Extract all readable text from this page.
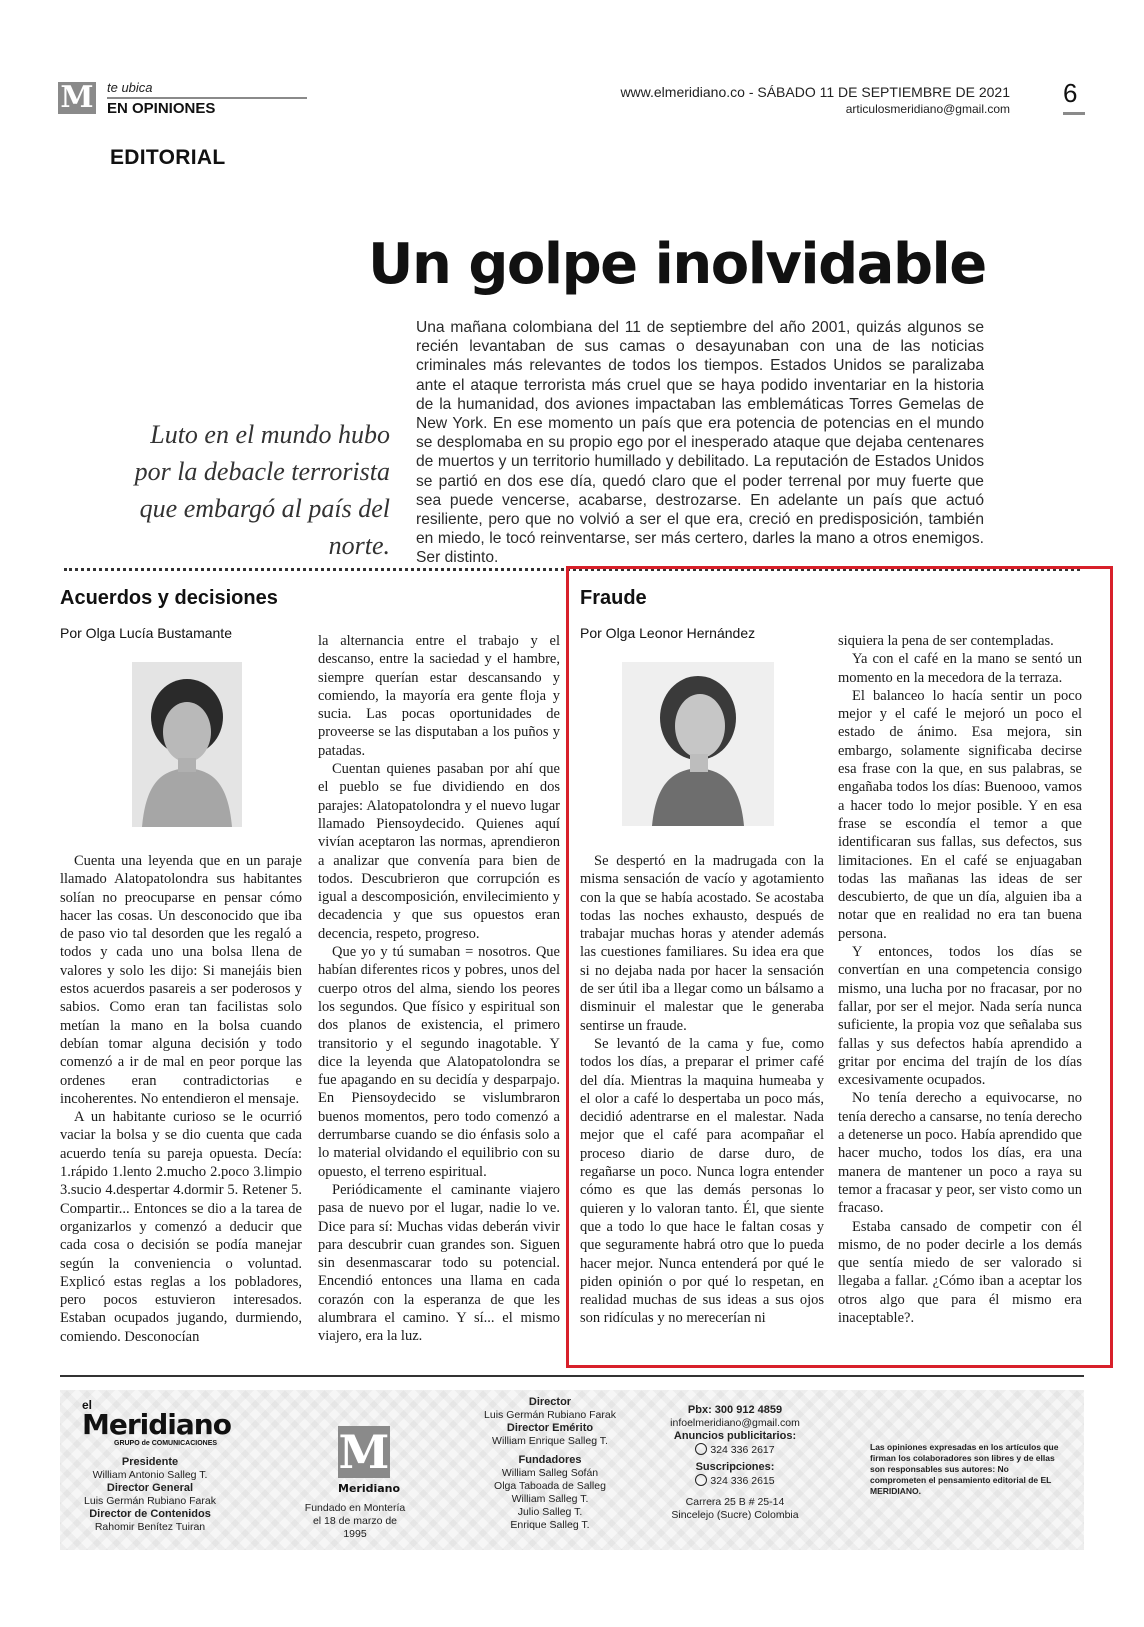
M te ubica
EN OPINIONES
www.elmeridiano.co - SÁBADO 11 DE SEPTIEMBRE DE 2021
articulosmeridiano@gmail.com
6
EDITORIAL
Un golpe inolvidable
Luto en el mundo hubo por la debacle terrorista que embargó al país del norte.
Una mañana colombiana del 11 de septiembre del año 2001, quizás algunos se recién levantaban de sus camas o desayunaban con una de las noticias criminales más relevantes de todos los tiempos. Estados Unidos se paralizaba ante el ataque terrorista más cruel que se haya podido inventariar en la historia de la humanidad, dos aviones impactaban las emblemáticas Torres Gemelas de New York. En ese momento un país que era potencia de potencias en el mundo se desplomaba en su propio ego por el inesperado ataque que dejaba centenares de muertos y un territorio humillado y debilitado. La reputación de Estados Unidos se partió en dos ese día, quedó claro que el poder terrenal por muy fuerte que sea puede vencerse, acabarse, destrozarse. En adelante un país que actuó resiliente, pero que no volvió a ser el que era, creció en predisposición, también en miedo, le tocó reinventarse, ser más certero, darles la mano a otros enemigos. Ser distinto.
Acuerdos y decisiones
Por Olga Lucía Bustamante

Cuenta una leyenda que en un paraje llamado Alatopatolondra sus habitantes solían no preocuparse en pensar cómo hacer las cosas. Un desconocido que iba de paso vio tal desorden que les regaló a todos y cada uno una bolsa llena de valores y solo les dijo: Si manejáis bien estos acuerdos pasareis a ser poderosos y sabios. Como eran tan facilistas solo metían la mano en la bolsa cuando debían tomar alguna decisión y todo comenzó a ir de mal en peor porque las ordenes eran contradictorias e incoherentes. No entendieron el mensaje.

A un habitante curioso se le ocurrió vaciar la bolsa y se dio cuenta que cada acuerdo tenía su pareja opuesta. Decía: 1.rápido 1.lento 2.mucho 2.poco 3.limpio 3.sucio 4.despertar 4.dormir 5. Retener 5. Compartir... Entonces se dio a la tarea de organizarlos y comenzó a deducir que cada cosa o decisión se podía manejar según la conveniencia o voluntad. Explicó estas reglas a los pobladores, pero pocos estuvieron interesados. Estaban ocupados jugando, durmiendo, comiendo. Desconocían

la alternancia entre el trabajo y el descanso, entre la saciedad y el hambre, siempre querían estar descansando y comiendo, la mayoría era gente floja y sucia. Las pocas oportunidades de proveerse se las disputaban a los puños y patadas.

Cuentan quienes pasaban por ahí que el pueblo se fue dividiendo en dos parajes: Alatopatolondra y el nuevo lugar llamado Piensoydecido. Quienes aquí vivían aceptaron las normas, aprendieron a analizar que convenía para bien de todos. Descubrieron que corrupción es igual a descomposición, envilecimiento y decadencia y que sus opuestos eran decencia, respeto, progreso.

Que yo y tú sumaban = nosotros. Que habían diferentes ricos y pobres, unos del cuerpo otros del alma, siendo los peores los segundos. Que físico y espiritual son dos planos de existencia, el primero transitorio y el segundo inagotable. Y dice la leyenda que Alatopatolondra se fue apagando en su decidía y desparpajo. En Piensoydecido se vislumbraron buenos momentos, pero todo comenzó a derrumbarse cuando se dio énfasis solo a lo material olvidando el equilibrio con su opuesto, el terreno espiritual.

Periódicamente el caminante viajero pasa de nuevo por el lugar, nadie lo ve. Dice para sí: Muchas vidas deberán vivir para descubrir cuan grandes son. Siguen sin desenmascarar todo su potencial. Encendió entonces una llama en cada corazón con la esperanza de que les alumbrara el camino. Y sí... el mismo viajero, era la luz.

Fraude
Por Olga Leonor Hernández

Se despertó en la madrugada con la misma sensación de vacío y agotamiento con la que se había acostado. Se acostaba todas las noches exhausto, después de trabajar muchas horas y atender además las cuestiones familiares. Su idea era que si no dejaba nada por hacer la sensación de ser útil iba a llegar como un bálsamo a disminuir el malestar que le generaba sentirse un fraude.

Se levantó de la cama y fue, como todos los días, a preparar el primer café del día. Mientras la maquina humeaba y el olor a café lo despertaba un poco más, decidió adentrarse en el malestar. Nada mejor que el café para acompañar el proceso diario de darse duro, de regañarse un poco. Nunca logra entender cómo es que las demás personas lo quieren y lo valoran tanto. Él, que siente que a todo lo que hace le faltan cosas y que seguramente habrá otro que lo pueda hacer mejor. Nunca entenderá por qué le piden opinión o por qué lo respetan, en realidad muchas de sus ideas a sus ojos son ridículas y no merecerían ni

siquiera la pena de ser contempladas.

Ya con el café en la mano se sentó un momento en la mecedora de la terraza.

El balanceo lo hacía sentir un poco mejor y el café le mejoró un poco el estado de ánimo. Esa mejora, sin embargo, solamente significaba decirse esa frase con la que, en sus palabras, se engañaba todos los días: Buenooo, vamos a hacer todo lo mejor posible. Y en esa frase se escondía el temor a que identificaran sus fallas, sus defectos, sus limitaciones. En el café se enjuagaban todas las mañanas las ideas de ser descubierto, de que un día, alguien iba a notar que en realidad no era tan buena persona.

Y entonces, todos los días se convertían en una competencia consigo mismo, una lucha por no fracasar, por no fallar, por ser el mejor. Nada sería nunca suficiente, la propia voz que señalaba sus fallas y sus defectos había aprendido a gritar por encima del trajín de los días excesivamente ocupados.

No tenía derecho a equivocarse, no tenía derecho a cansarse, no tenía derecho a detenerse un poco. Había aprendido que hacer mucho, todos los días, era una manera de mantener un poco a raya su temor a fracasar y peor, ser visto como un fracaso.

Estaba cansado de competir con él mismo, de no poder decirle a los demás que sentía miedo de ser valorado si llegaba a fallar. ¿Cómo iban a aceptar los otros algo que para él mismo era inaceptable?.

el
Meridiano
GRUPO de COMUNICACIONES
Presidente
William Antonio Salleg T.
Director General
Luis Germán Rubiano Farak
Director de Contenidos
Rahomir Benítez Tuiran
M
Meridiano
Fundado en Montería el 18 de marzo de 1995
Director
Luis Germán Rubiano Farak
Director Emérito
William Enrique Salleg T.
Fundadores
William Salleg Sofán
Olga Taboada de Salleg
William Salleg T.
Julio Salleg T.
Enrique Salleg T.
Pbx: 300 912 4859
infoelmeridiano@gmail.com
Anuncios publicitarios:
324 336 2617
Suscripciones:
324 336 2615
Carrera 25 B # 25-14
Sincelejo (Sucre) Colombia
Las opiniones expresadas en los artículos que firman los colaboradores son libres y de ellas son responsables sus autores: No comprometen el pensamiento editorial de EL MERIDIANO.
